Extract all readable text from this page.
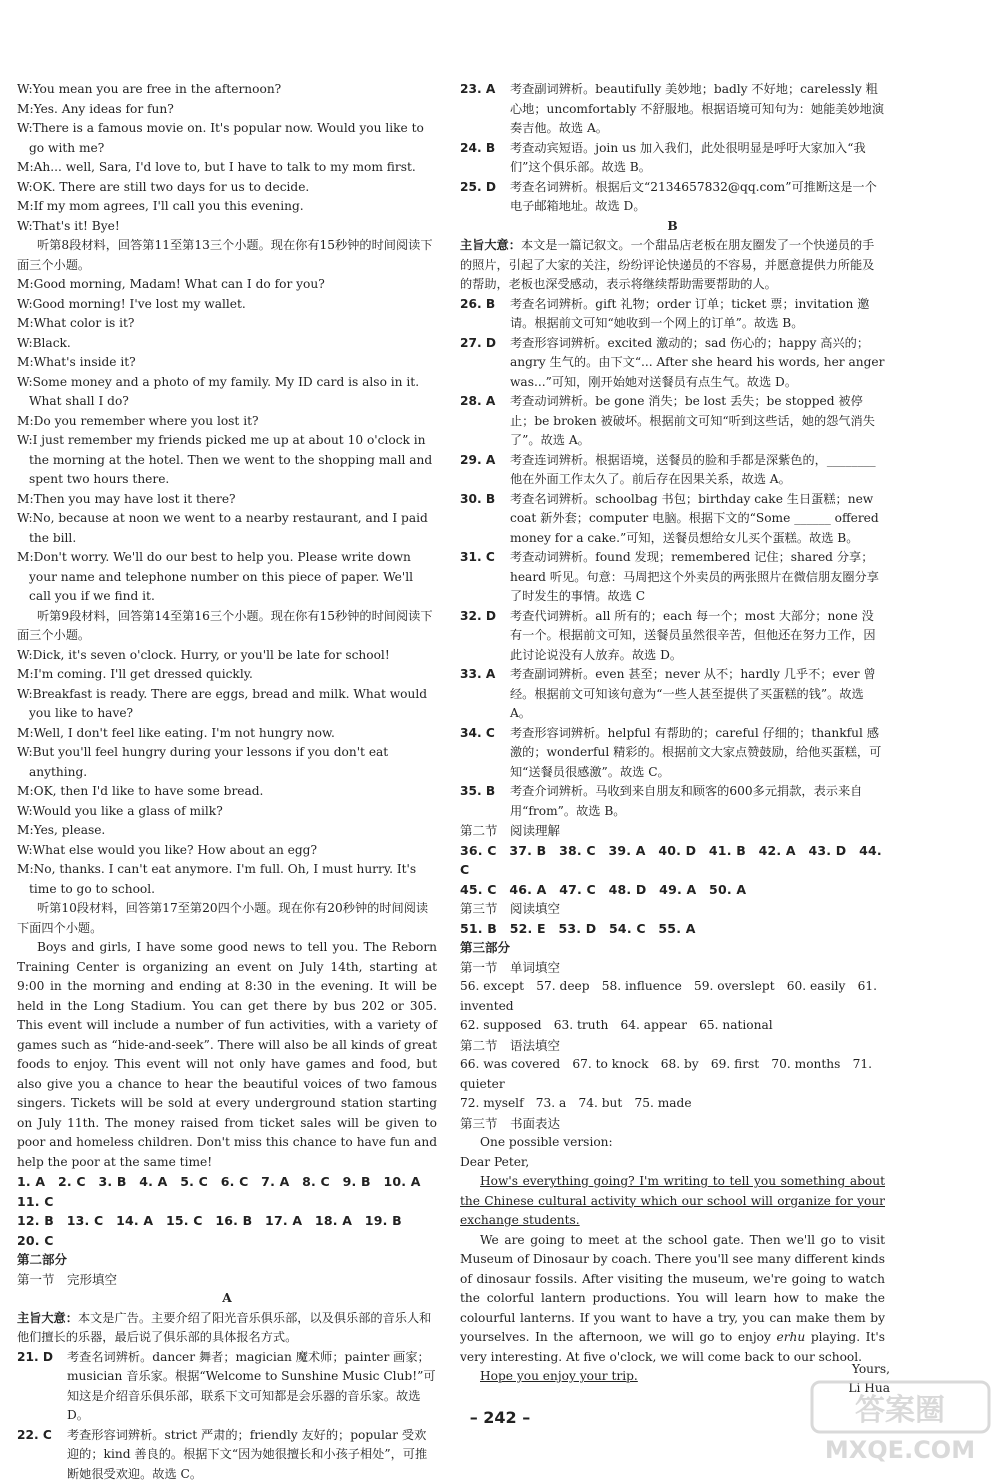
W:You mean you are free in the afternoon?
M:Yes. Any ideas for fun?
W:There is a famous movie on. It's popular now. Would you like to go with me?
M:Ah... well, Sara, I'd love to, but I have to talk to my mom first.
W:OK. There are still two days for us to decide.
M:If my mom agrees, I'll call you this evening.
W:That's it! Bye!
听第8段材料，回答第11至第13三个小题。现在你有15秒钟的时间阅读下面三个小题。
M:Good morning, Madam! What can I do for you?
W:Good morning! I've lost my wallet.
M:What color is it?
W:Black.
M:What's inside it?
W:Some money and a photo of my family. My ID card is also in it. What shall I do?
M:Do you remember where you lost it?
W:I just remember my friends picked me up at about 10 o'clock in the morning at the hotel. Then we went to the shopping mall and spent two hours there.
M:Then you may have lost it there?
W:No, because at noon we went to a nearby restaurant, and I paid the bill.
M:Don't worry. We'll do our best to help you. Please write down your name and telephone number on this piece of paper. We'll call you if we find it.
听第9段材料，回答第14至第16三个小题。现在你有15秒钟的时间阅读下面三个小题。
W:Dick, it's seven o'clock. Hurry, or you'll be late for school!
M:I'm coming. I'll get dressed quickly.
W:Breakfast is ready. There are eggs, bread and milk. What would you like to have?
M:Well, I don't feel like eating. I'm not hungry now.
W:But you'll feel hungry during your lessons if you don't eat anything.
M:OK, then I'd like to have some bread.
W:Would you like a glass of milk?
M:Yes, please.
W:What else would you like? How about an egg?
M:No, thanks. I can't eat anymore. I'm full. Oh, I must hurry. It's time to go to school.
听第10段材料，回答第17至第20四个小题。现在你有20秒钟的时间阅读下面四个小题。
Boys and girls, I have some good news to tell you. The Reborn Training Center is organizing an event on July 14th, starting at 9:00 in the morning and ending at 8:30 in the evening. It will be held in the Long Stadium. You can get there by bus 202 or 305. This event will include a number of fun activities, with a variety of games such as “hide-and-seek”. There will also be all kinds of great foods to enjoy. This event will not only have games and food, but also give you a chance to hear the beautiful voices of two famous singers. Tickets will be sold at every underground station starting on July 11th. The money raised from ticket sales will be given to poor and homeless children. Don't miss this chance to have fun and help the poor at the same time!
1. A　2. C　3. B　4. A　5. C　6. C　7. A　8. C　9. B　10. A　11. C
12. B　13. C　14. A　15. C　16. B　17. A　18. A　19. B　20. C
第二部分
第一节　完形填空
A
主旨大意：本文是广告。主要介绍了阳光音乐俱乐部，以及俱乐部的音乐人和他们擅长的乐器，最后说了俱乐部的具体报名方式。
21. D	考查名词辨析。dancer 舞者；magician 魔术师；painter 画家；musician 音乐家。根据“Welcome to Sunshine Music Club!”可知这是介绍音乐俱乐部，联系下文可知都是会乐器的音乐家。故选 D。
22. C	考查形容词辨析。strict 严肃的；friendly 友好的；popular 受欢迎的；kind 善良的。根据下文“因为她很擅长和小孩子相处”，可推断她很受欢迎。故选 C。
23. A	考查副词辨析。beautifully 美妙地；badly 不好地；carelessly 粗心地；uncomfortably 不舒服地。根据语境可知句为：她能美妙地演奏吉他。故选 A。
24. B	考查动宾短语。join us 加入我们，此处很明显是呼吁大家加入“我们”这个俱乐部。故选 B。
25. D	考查名词辨析。根据后文“2134657832@qq.com”可推断这是一个电子邮箱地址。故选 D。
B
主旨大意：本文是一篇记叙文。一个甜品店老板在朋友圈发了一个快递员的手的照片，引起了大家的关注，纷纷评论快递员的不容易，并愿意提供力所能及的帮助，老板也深受感动，表示将继续帮助需要帮助的人。
26. B	考查名词辨析。gift 礼物；order 订单；ticket 票；invitation 邀请。根据前文可知“她收到一个网上的订单”。故选 B。
27. D	考查形容词辨析。excited 激动的；sad 伤心的；happy 高兴的；angry 生气的。由下文“... After she heard his words, her anger was...”可知，刚开始她对送餐员有点生气。故选 D。
28. A	考查动词辨析。be gone 消失；be lost 丢失；be stopped 被停止；be broken 被破坏。根据前文可知“听到这些话，她的怨气消失了”。故选 A。
29. A	考查连词辨析。根据语境，送餐员的脸和手都是深紫色的，________他在外面工作太久了。前后存在因果关系，故选 A。
30. B	考查名词辨析。schoolbag 书包；birthday cake 生日蛋糕；new coat 新外套；computer 电脑。根据下文的“Some ______ offered money for a cake.”可知，送餐员想给女儿买个蛋糕。故选 B。
31. C	考查动词辨析。found 发现；remembered 记住；shared 分享；heard 听见。句意：马周把这个外卖员的两张照片在微信朋友圈分享了时发生的事情。故选 C
32. D	考查代词辨析。all 所有的；each 每一个；most 大部分；none 没有一个。根据前文可知，送餐员虽然很辛苦，但他还在努力工作，因此讨论说没有人放弃。故选 D。
33. A	考查副词辨析。even 甚至；never 从不；hardly 几乎不；ever 曾经。根据前文可知该句意为“一些人甚至提供了买蛋糕的钱”。故选 A。
34. C	考查形容词辨析。helpful 有帮助的；careful 仔细的；thankful 感激的；wonderful 精彩的。根据前文大家点赞鼓励，给他买蛋糕，可知“送餐员很感激”。故选 C。
35. B	考查介词辨析。马收到来自朋友和顾客的600多元捐款，表示来自用“from”。故选 B。
第二节　阅读理解
36. C　37. B　38. C　39. A　40. D　41. B　42. A　43. D　44. C
45. C　46. A　47. C　48. D　49. A　50. A
第三节　阅读填空
51. B　52. E　53. D　54. C　55. A
第三部分
第一节　单词填空
56. except　57. deep　58. influence　59. overslept　60. easily　61. invented
62. supposed　63. truth　64. appear　65. national
第二节　语法填空
66. was covered　67. to knock　68. by　69. first　70. months　71. quieter
72. myself　73. a　74. but　75. made
第三节　书面表达
One possible version:
Dear Peter,
How's everything going? I'm writing to tell you something about the Chinese cultural activity which our school will organize for your exchange students.
We are going to meet at the school gate. Then we'll go to visit Museum of Dinosaur by coach. There you'll see many different kinds of dinosaur fossils. After visiting the museum, we're going to watch the colorful lantern productions. You will learn how to make the colourful lanterns. If you want to have a try, you can make them by yourselves. In the afternoon, we will go to enjoy erhu playing. It's very interesting. At five o'clock, we will come back to our school.
Hope you enjoy your trip.	Yours,
Li Hua
– 242 –	答案圈
MXQE.COM
